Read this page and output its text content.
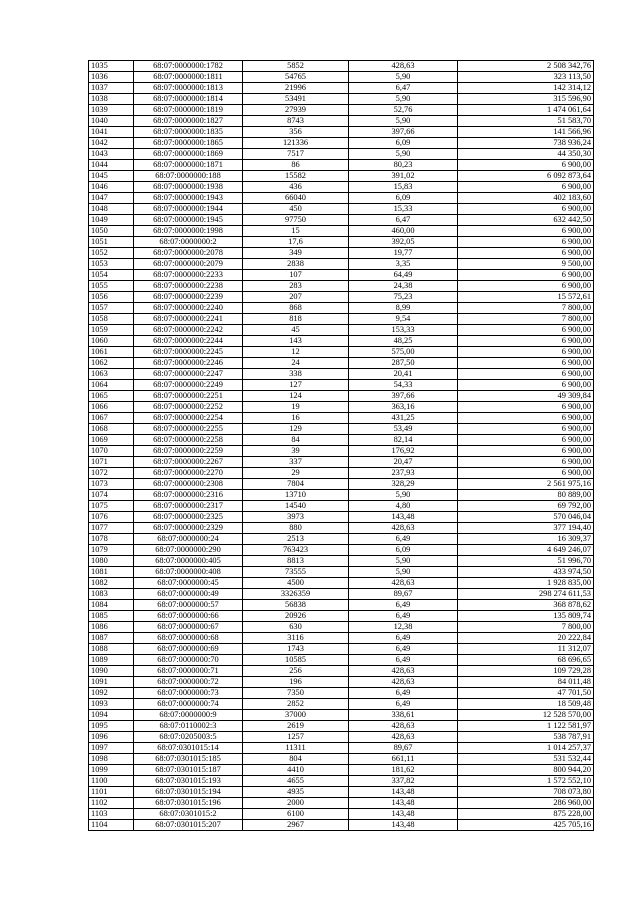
1035	68:07:0000000:1782	5852	428,63	2 508 342,76
1036	68:07:0000000:1811	54765	5,90	323 113,50
1037	68:07:0000000:1813	21996	6,47	142 314,12
1038	68:07:0000000:1814	53491	5,90	315 596,90
1039	68:07:0000000:1819	27939	52,76	1 474 061,64
1040	68:07:0000000:1827	8743	5,90	51 583,70
1041	68:07:0000000:1835	356	397,66	141 566,96
1042	68:07:0000000:1865	121336	6,09	738 936,24
1043	68:07:0000000:1869	7517	5,90	44 350,30
1044	68:07:0000000:1871	86	80,23	6 900,00
1045	68:07:0000000:188	15582	391,02	6 092 873,64
1046	68:07:0000000:1938	436	15,83	6 900,00
1047	68:07:0000000:1943	66040	6,09	402 183,60
1048	68:07:0000000:1944	450	15,33	6 900,00
1049	68:07:0000000:1945	97750	6,47	632 442,50
1050	68:07:0000000:1998	15	460,00	6 900,00
1051	68:07:0000000:2	17,6	392,05	6 900,00
1052	68:07:0000000:2078	349	19,77	6 900,00
1053	68:07:0000000:2079	2838	3,35	9 500,00
1054	68:07:0000000:2233	107	64,49	6 900,00
1055	68:07:0000000:2238	283	24,38	6 900,00
1056	68:07:0000000:2239	207	75,23	15 572,61
1057	68:07:0000000:2240	868	8,99	7 800,00
1058	68:07:0000000:2241	818	9,54	7 800,00
1059	68:07:0000000:2242	45	153,33	6 900,00
1060	68:07:0000000:2244	143	48,25	6 900,00
1061	68:07:0000000:2245	12	575,00	6 900,00
1062	68:07:0000000:2246	24	287,50	6 900,00
1063	68:07:0000000:2247	338	20,41	6 900,00
1064	68:07:0000000:2249	127	54,33	6 900,00
1065	68:07:0000000:2251	124	397,66	49 309,84
1066	68:07:0000000:2252	19	363,16	6 900,00
1067	68:07:0000000:2254	16	431,25	6 900,00
1068	68:07:0000000:2255	129	53,49	6 900,00
1069	68:07:0000000:2258	84	82,14	6 900,00
1070	68:07:0000000:2259	39	176,92	6 900,00
1071	68:07:0000000:2267	337	20,47	6 900,00
1072	68:07:0000000:2270	29	237,93	6 900,00
1073	68:07:0000000:2308	7804	328,29	2 561 975,16
1074	68:07:0000000:2316	13710	5,90	80 889,00
1075	68:07:0000000:2317	14540	4,80	69 792,00
1076	68:07:0000000:2325	3973	143,48	570 046,04
1077	68:07:0000000:2329	880	428,63	377 194,40
1078	68:07:0000000:24	2513	6,49	16 309,37
1079	68:07:0000000:290	763423	6,09	4 649 246,07
1080	68:07:0000000:405	8813	5,90	51 996,70
1081	68:07:0000000:408	73555	5,90	433 974,50
1082	68:07:0000000:45	4500	428,63	1 928 835,00
1083	68:07:0000000:49	3326359	89,67	298 274 611,53
1084	68:07:0000000:57	56838	6,49	368 878,62
1085	68:07:0000000:66	20926	6,49	135 809,74
1086	68:07:0000000:67	630	12,38	7 800,00
1087	68:07:0000000:68	3116	6,49	20 222,84
1088	68:07:0000000:69	1743	6,49	11 312,07
1089	68:07:0000000:70	10585	6,49	68 696,65
1090	68:07:0000000:71	256	428,63	109 729,28
1091	68:07:0000000:72	196	428,63	84 011,48
1092	68:07:0000000:73	7350	6,49	47 701,50
1093	68:07:0000000:74	2852	6,49	18 509,48
1094	68:07:0000000:9	37000	338,61	12 528 570,00
1095	68:07:0110002:3	2619	428,63	1 122 581,97
1096	68:07:0205003:5	1257	428,63	538 787,91
1097	68:07:0301015:14	11311	89,67	1 014 257,37
1098	68:07:0301015:185	804	661,11	531 532,44
1099	68:07:0301015:187	4410	181,62	800 944,20
1100	68:07:0301015:193	4655	337,82	1 572 552,10
1101	68:07:0301015:194	4935	143,48	708 073,80
1102	68:07:0301015:196	2000	143,48	286 960,00
1103	68:07:0301015:2	6100	143,48	875 228,00
1104	68:07:0301015:207	2967	143,48	425 705,16
